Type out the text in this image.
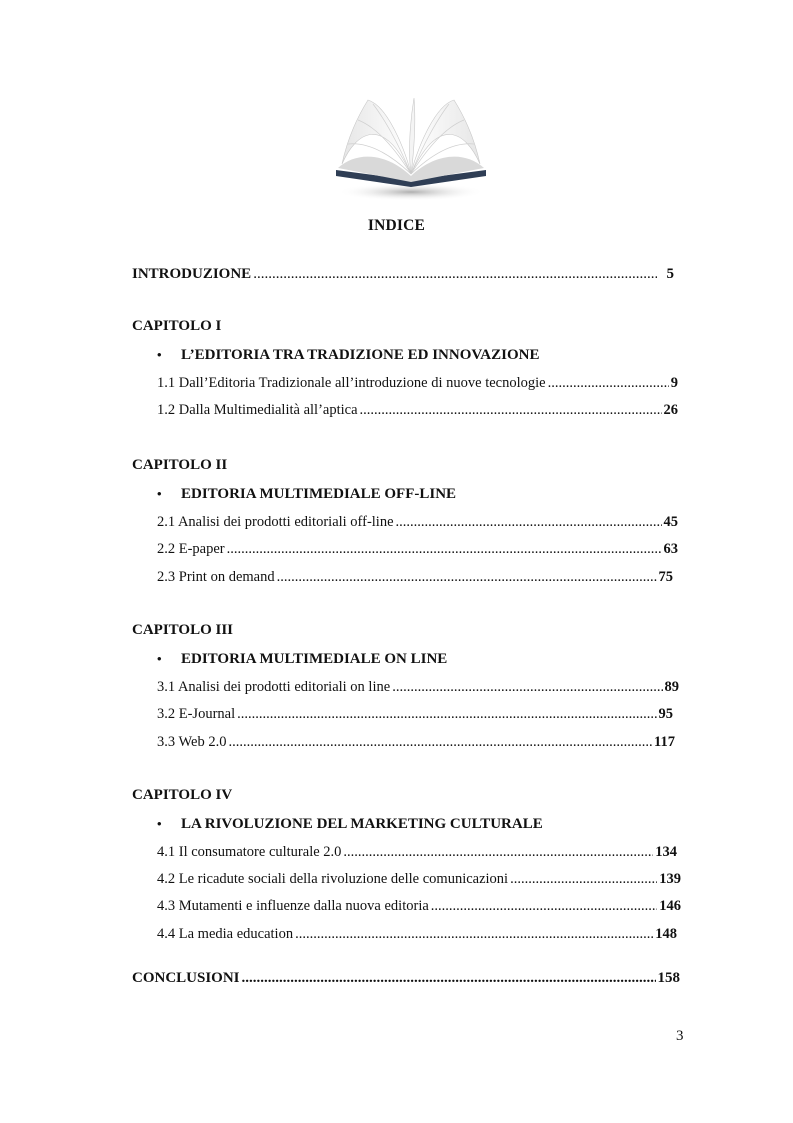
INDICE
INTRODUZIONE .....	5
CAPITOLO I
•	L’EDITORIA TRA TRADIZIONE ED INNOVAZIONE
1.1 Dall’Editoria Tradizionale all’introduzione di nuove tecnologie .....	9
1.2 Dalla Multimedialità all’aptica .....	26
CAPITOLO II
•	EDITORIA MULTIMEDIALE OFF-LINE
2.1 Analisi dei prodotti editoriali off-line .....	45
2.2 E-paper .....	63
2.3 Print on demand .....	75
CAPITOLO III
•	EDITORIA MULTIMEDIALE ON LINE
3.1 Analisi dei prodotti editoriali on line .....	89
3.2 E-Journal .....	95
3.3 Web 2.0 .....	117
CAPITOLO IV
•	LA RIVOLUZIONE DEL MARKETING CULTURALE
4.1 Il consumatore culturale 2.0 .....	134
4.2 Le ricadute sociali della rivoluzione delle comunicazioni .....	139
4.3 Mutamenti e influenze dalla nuova editoria .....	146
4.4 La media education .....	148
CONCLUSIONI .....	158
3
